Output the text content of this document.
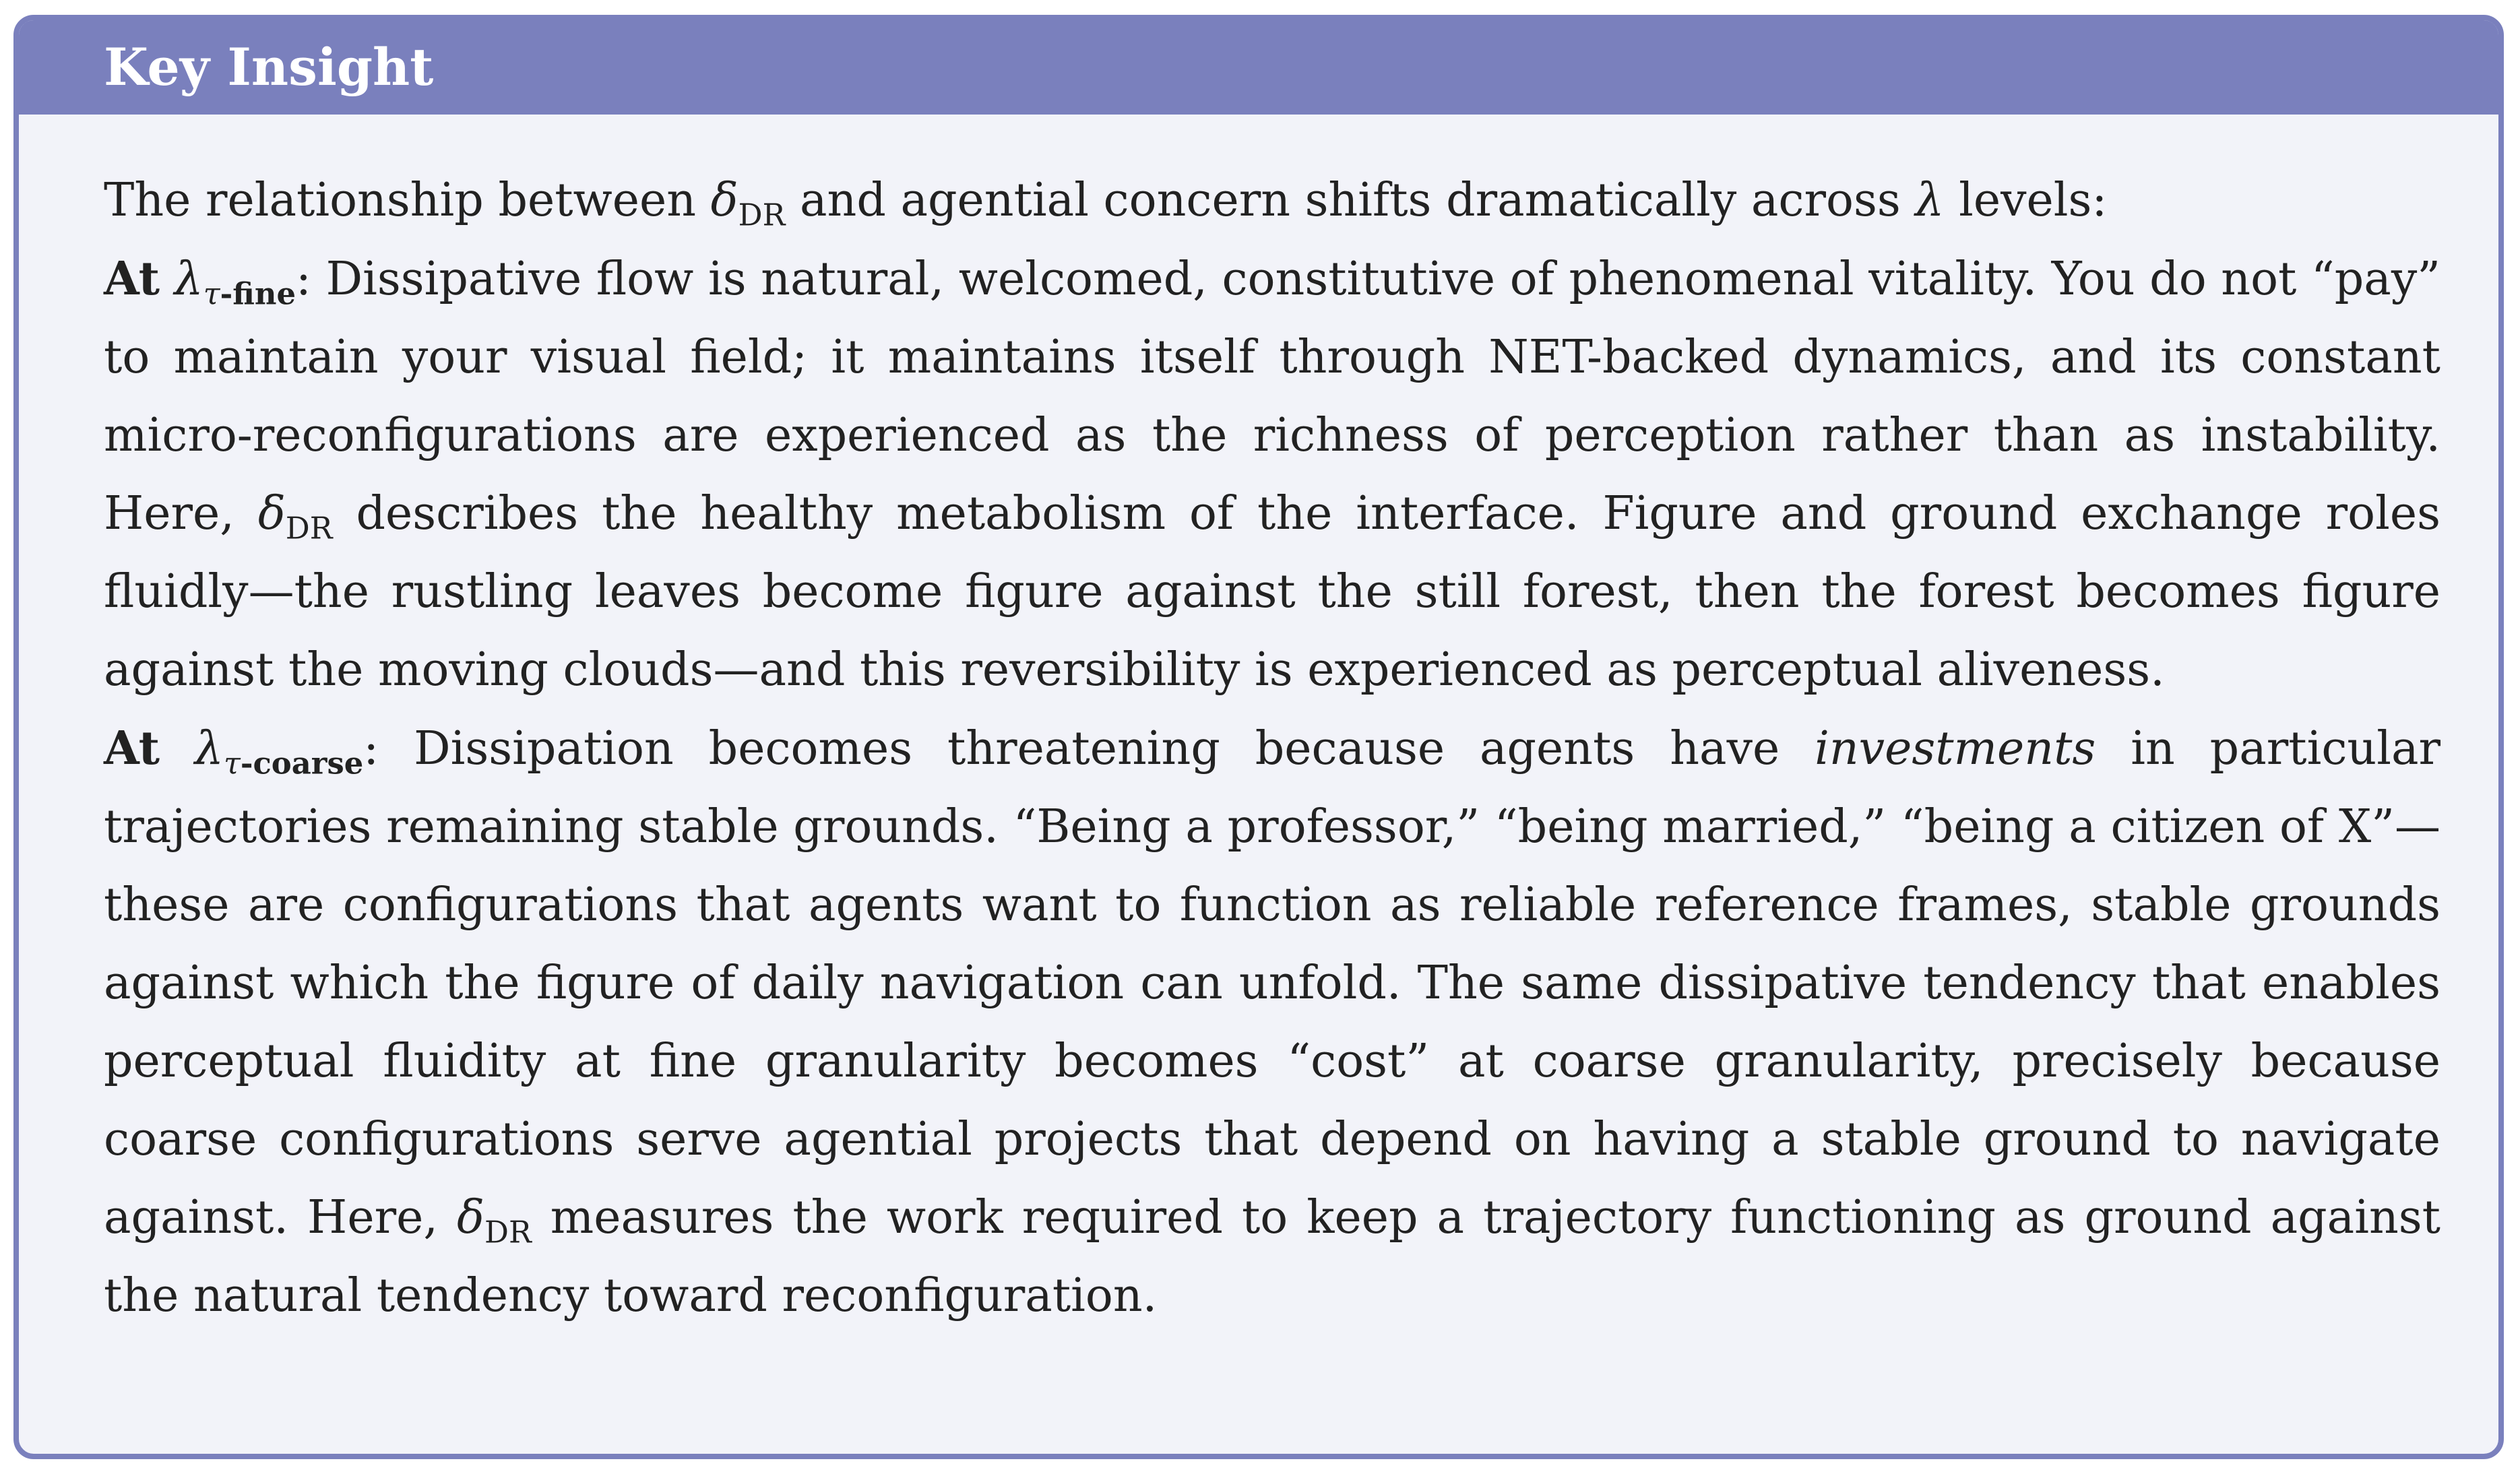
Key Insight

The relationship between $\delta_{DR}$ and agential concern shifts dramatically across λ levels:

At $\lambda_{\tau-fine}$: Dissipative flow is natural, welcomed, constitutive of phenomenal vitality. You do not “pay” to maintain your visual field; it maintains itself through NET-backed dynamics, and its constant micro-reconfigurations are experienced as the richness of perception rather than as instability. Here, $\delta_{DR}$ describes the healthy metabolism of the interface. Figure and ground exchange roles fluidly—the rustling leaves become figure against the still forest, then the forest becomes figure against the moving clouds—and this reversibility is experienced as perceptual aliveness.

At $\lambda_{\tau-coarse}$: Dissipation becomes threatening because agents have investments in particular trajectories remaining stable grounds. “Being a professor,” “being married,” “being a citizen of X”—these are configurations that agents want to function as reliable reference frames, stable grounds against which the figure of daily navigation can unfold. The same dissipative tendency that enables perceptual fluidity at fine granularity becomes “cost” at coarse granularity, precisely because coarse configurations serve agential projects that depend on having a stable ground to navigate against. Here, $\delta_{DR}$ measures the work required to keep a trajectory functioning as ground against the natural tendency toward reconfiguration.
